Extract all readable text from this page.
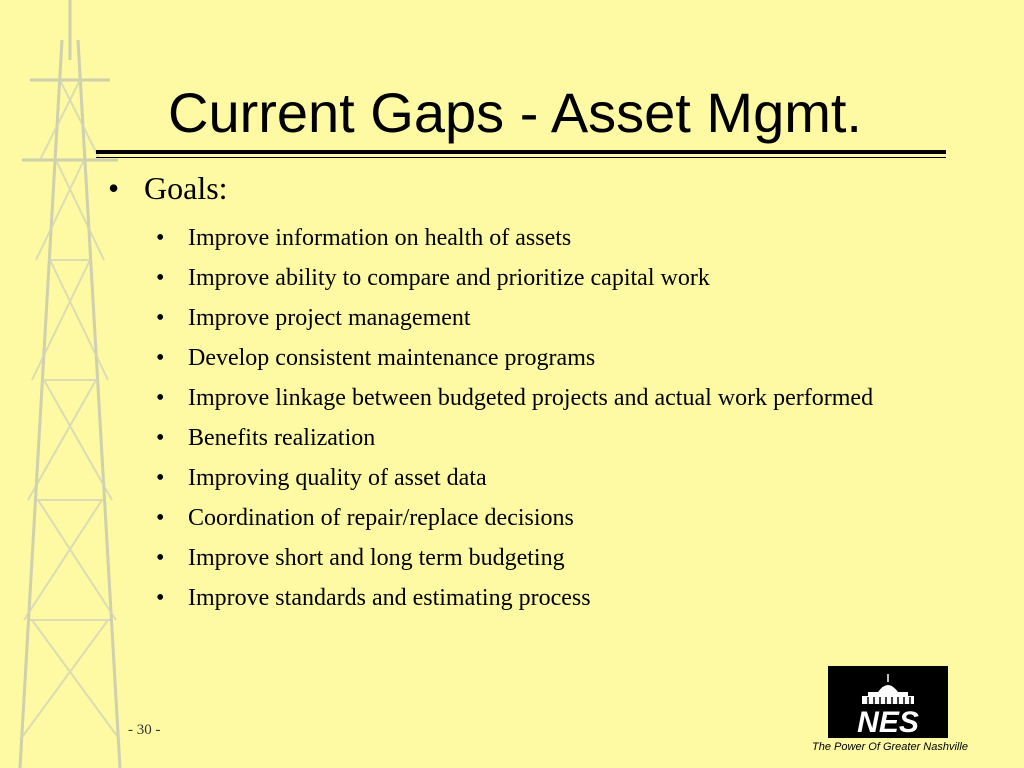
Current Gaps - Asset Mgmt.
• Goals:
• Improve information on health of assets
• Improve ability to compare and prioritize capital work
• Improve project management
• Develop consistent maintenance programs
• Improve linkage between budgeted projects and actual work performed
• Benefits realization
• Improving quality of asset data
• Coordination of repair/replace decisions
• Improve short and long term budgeting
• Improve standards and estimating process
- 30 -	NES
The Power Of Greater Nashville
